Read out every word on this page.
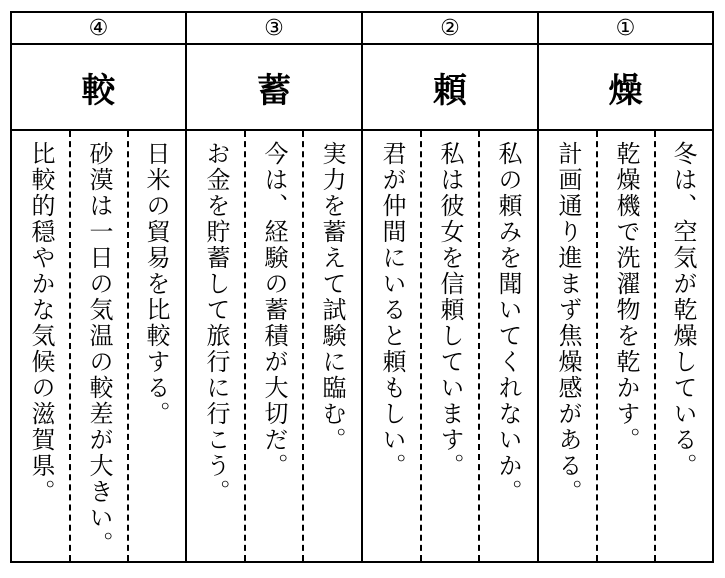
④
較
日米の貿易を比較する。
砂漠は一日の気温の較差が大きい。
比較的穏やかな気候の滋賀県。
③
蓄
実力を蓄えて試験に臨む。
今は、経験の蓄積が大切だ。
お金を貯蓄して旅行に行こう。
②
頼
私の頼みを聞いてくれないか。
私は彼女を信頼しています。
君が仲間にいると頼もしい。
①
燥
冬は、空気が乾燥している。
乾燥機で洗濯物を乾かす。
計画通り進まず焦燥感がある。
